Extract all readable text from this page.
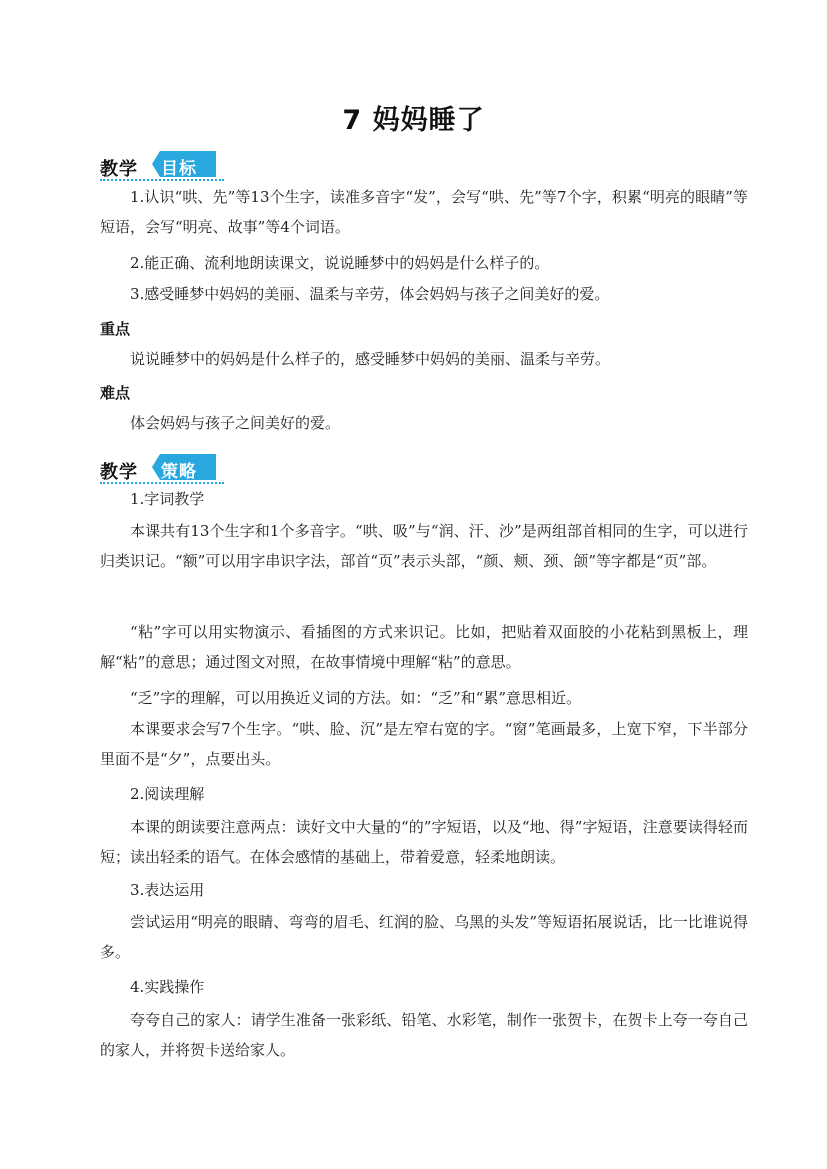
7 妈妈睡了
教学 目标
1.认识“哄、先”等13个生字，读准多音字“发”，会写“哄、先”等7个字，积累“明亮的眼睛”等短语，会写“明亮、故事”等4个词语。
2.能正确、流利地朗读课文，说说睡梦中的妈妈是什么样子的。
3.感受睡梦中妈妈的美丽、温柔与辛劳，体会妈妈与孩子之间美好的爱。
重点
说说睡梦中的妈妈是什么样子的，感受睡梦中妈妈的美丽、温柔与辛劳。
难点
体会妈妈与孩子之间美好的爱。
教学 策略
1.字词教学
本课共有13个生字和1个多音字。“哄、吸”与“润、汗、沙”是两组部首相同的生字，可以进行归类识记。“额”可以用字串识字法，部首“页”表示头部，“颜、颊、颈、颌”等字都是“页”部。
“粘”字可以用实物演示、看插图的方式来识记。比如，把贴着双面胶的小花粘到黑板上，理解“粘”的意思；通过图文对照，在故事情境中理解“粘”的意思。
“乏”字的理解，可以用换近义词的方法。如：“乏”和“累”意思相近。
本课要求会写7个生字。“哄、脸、沉”是左窄右宽的字。“窗”笔画最多，上宽下窄，下半部分里面不是“夕”，点要出头。
2.阅读理解
本课的朗读要注意两点：读好文中大量的“的”字短语，以及“地、得”字短语，注意要读得轻而短；读出轻柔的语气。在体会感情的基础上，带着爱意，轻柔地朗读。
3.表达运用
尝试运用“明亮的眼睛、弯弯的眉毛、红润的脸、乌黑的头发”等短语拓展说话，比一比谁说得多。
4.实践操作
夸夸自己的家人：请学生准备一张彩纸、铅笔、水彩笔，制作一张贺卡，在贺卡上夸一夸自己的家人，并将贺卡送给家人。
